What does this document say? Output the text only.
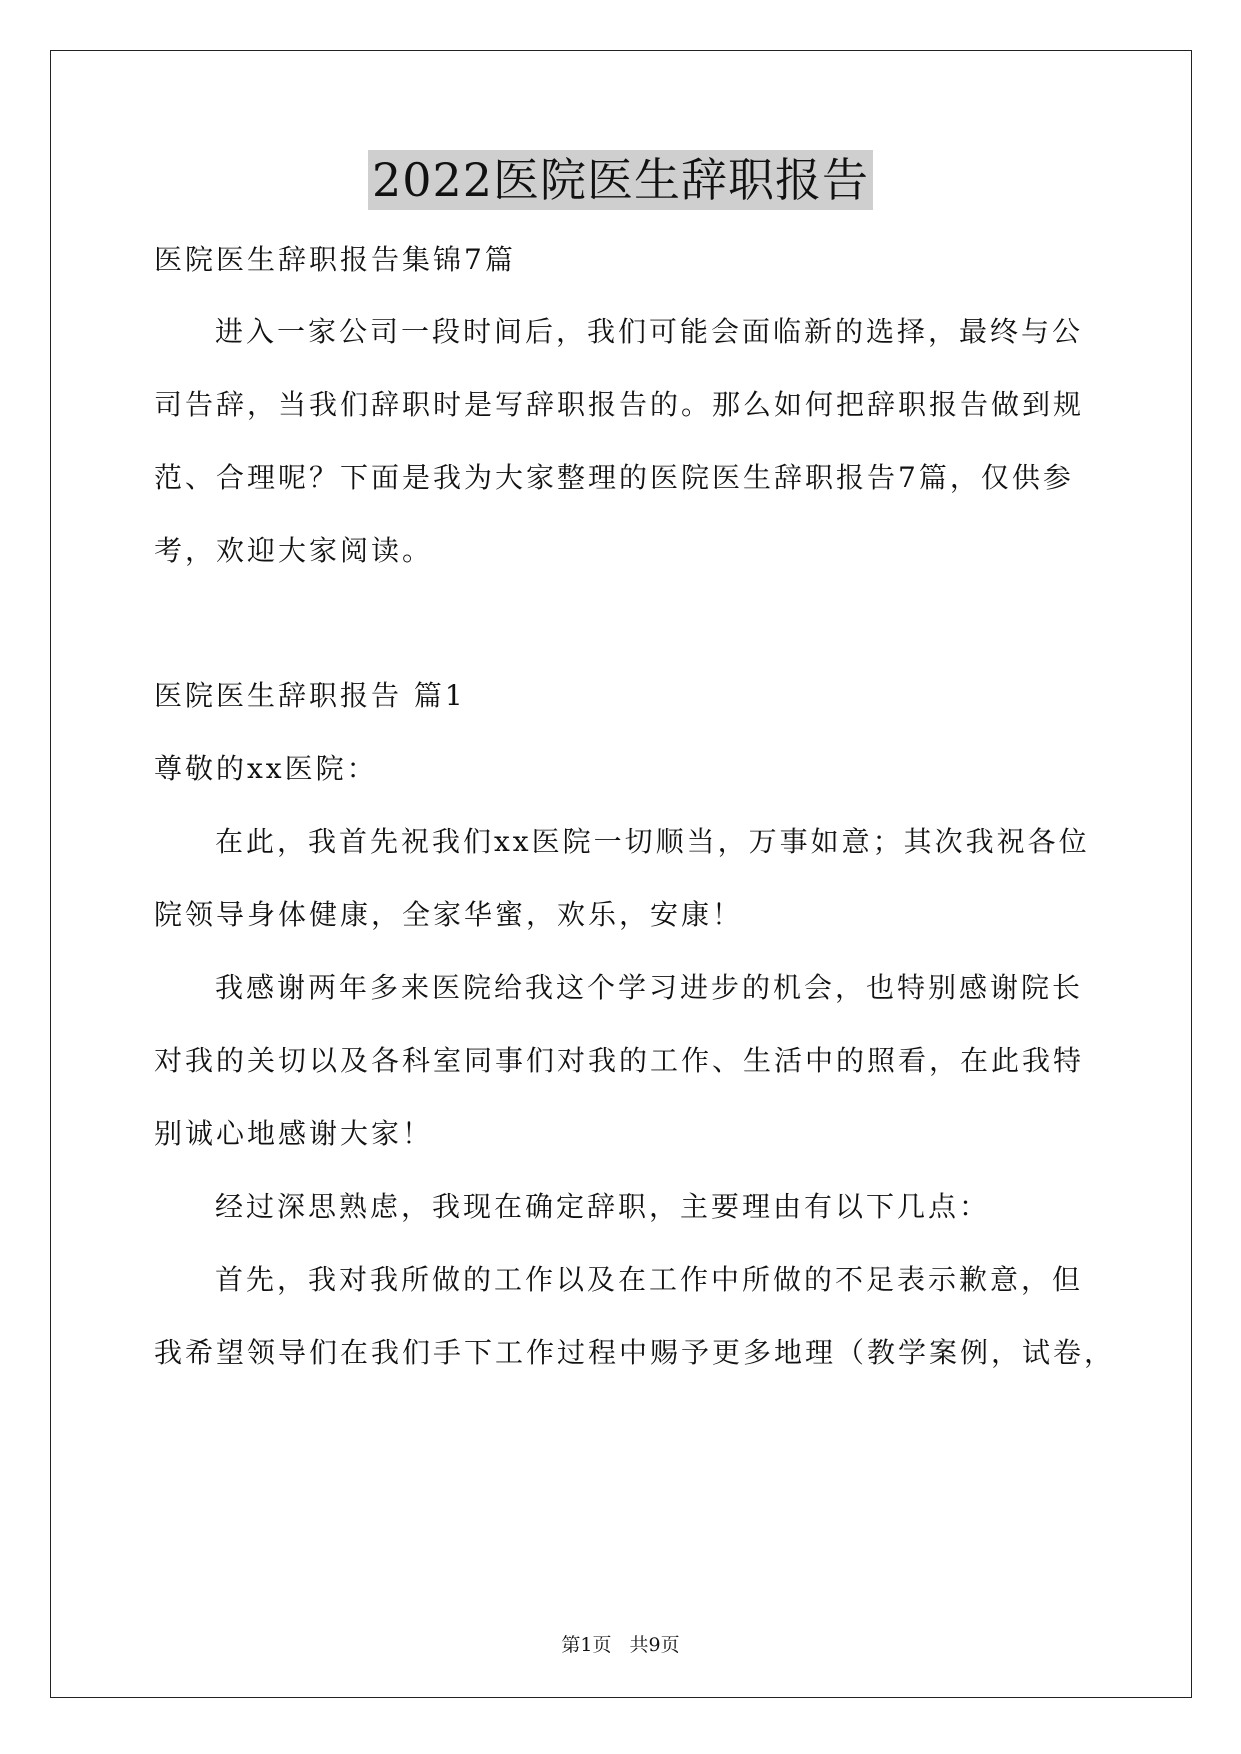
2022医院医生辞职报告
医院医生辞职报告集锦7篇
进入一家公司一段时间后，我们可能会面临新的选择，最终与公
司告辞，当我们辞职时是写辞职报告的。那么如何把辞职报告做到规
范、合理呢？下面是我为大家整理的医院医生辞职报告7篇，仅供参
考，欢迎大家阅读。
医院医生辞职报告 篇1
尊敬的xx医院：
在此，我首先祝我们xx医院一切顺当，万事如意；其次我祝各位
院领导身体健康，全家华蜜，欢乐，安康！
我感谢两年多来医院给我这个学习进步的机会，也特别感谢院长
对我的关切以及各科室同事们对我的工作、生活中的照看，在此我特
别诚心地感谢大家！
经过深思熟虑，我现在确定辞职，主要理由有以下几点：
首先，我对我所做的工作以及在工作中所做的不足表示歉意，但
我希望领导们在我们手下工作过程中赐予更多地理（教学案例，试卷，
第1页 共9页
